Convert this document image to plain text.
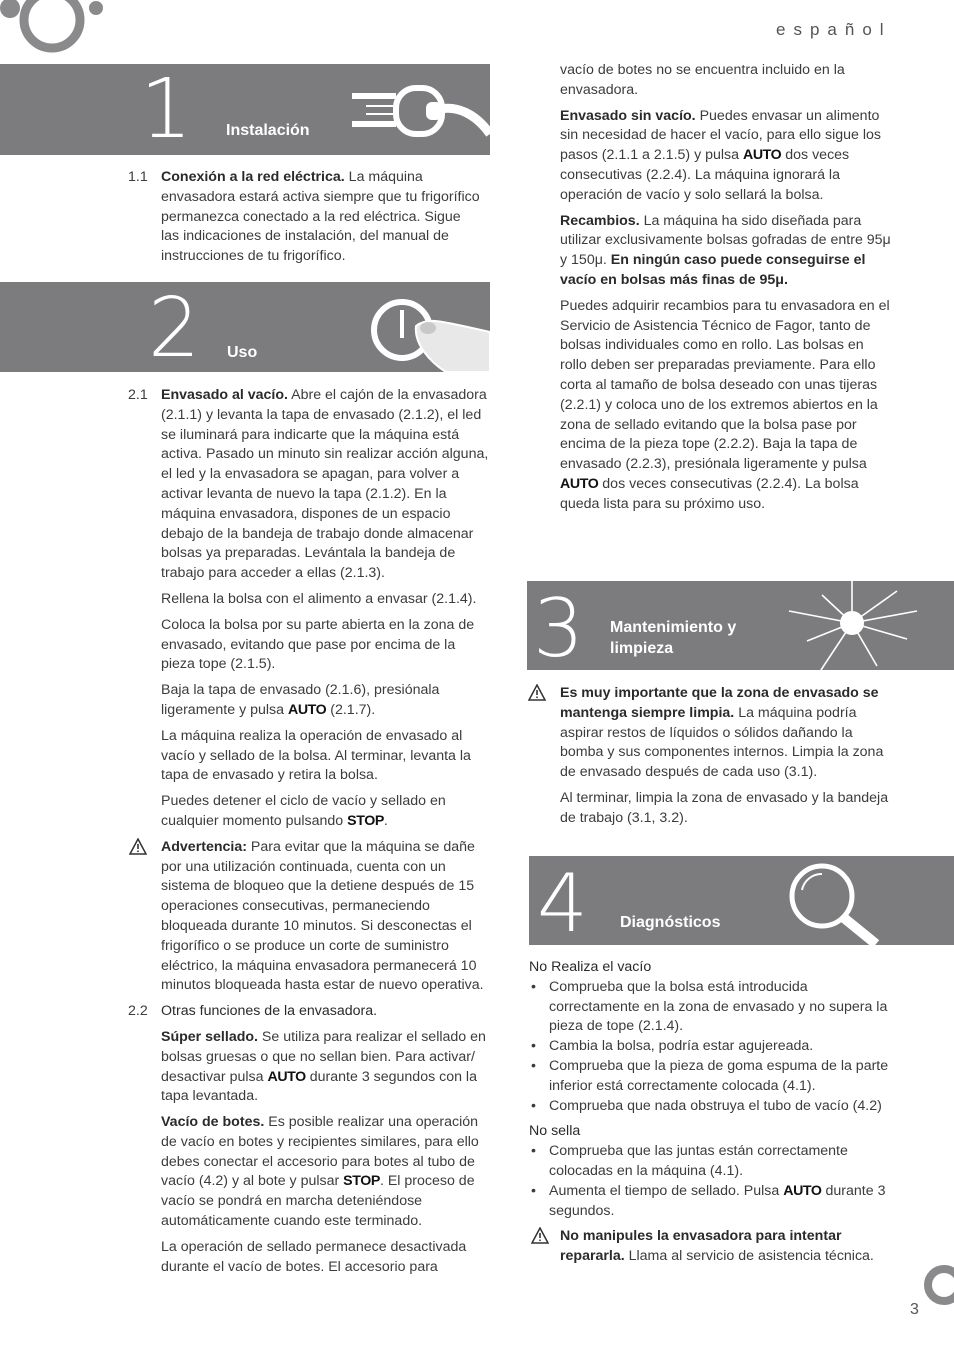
español
3
1 Instalación
1.1 Conexión a la red eléctrica. La máquina envasadora estará activa siempre que tu frigorífico permanezca conectado a la red eléctrica. Sigue las indicaciones de instalación, del manual de instrucciones de tu frigorífico.

2 Uso
2.1 Envasado al vacío. Abre el cajón de la envasadora (2.1.1) y levanta la tapa de envasado (2.1.2), el led se iluminará para indicarte que la máquina está activa. Pasado un minuto sin realizar acción alguna, el led y la envasadora se apagan, para volver a activar levanta de nuevo la tapa (2.1.2). En la máquina envasadora, dispones de un espacio debajo de la bandeja de trabajo donde almacenar bolsas ya preparadas. Levántala la bandeja de trabajo para acceder a ellas (2.1.3).

Rellena la bolsa con el alimento a envasar (2.1.4).

Coloca la bolsa por su parte abierta en la zona de envasado, evitando que pase por encima de la pieza tope (2.1.5).

Baja la tapa de envasado (2.1.6), presiónala ligeramente y pulsa AUTO (2.1.7).

La máquina realiza la operación de envasado al vacío y sellado de la bolsa. Al terminar, levanta la tapa de envasado y retira la bolsa.

Puedes detener el ciclo de vacío y sellado en cualquier momento pulsando STOP.

Advertencia: Para evitar que la máquina se dañe por una utilización continuada, cuenta con un sistema de bloqueo que la detiene después de 15 operaciones consecutivas, permaneciendo bloqueada durante 10 minutos. Si desconectas el frigorífico o se produce un corte de suministro eléctrico, la máquina envasadora permanecerá 10 minutos bloqueada hasta estar de nuevo operativa.

2.2 Otras funciones de la envasadora.

Súper sellado. Se utiliza para realizar el sellado en bolsas gruesas o que no sellan bien. Para activar/ desactivar pulsa AUTO durante 3 segundos con la tapa levantada.

Vacío de botes. Es posible realizar una operación de vacío en botes y recipientes similares, para ello debes conectar el accesorio para botes al tubo de vacío (4.2) y al bote y pulsar STOP. El proceso de vacío se pondrá en marcha deteniéndose automáticamente cuando este terminado.

La operación de sellado permanece desactivada durante el vacío de botes. El accesorio para

vacío de botes no se encuentra incluido en la envasadora.

Envasado sin vacío. Puedes envasar un alimento sin necesidad de hacer el vacío, para ello sigue los pasos (2.1.1 a 2.1.5) y pulsa AUTO dos veces consecutivas (2.2.4). La máquina ignorará la operación de vacío y solo sellará la bolsa.

Recambios. La máquina ha sido diseñada para utilizar exclusivamente bolsas gofradas de entre 95μ y 150μ. En ningún caso puede conseguirse el vacío en bolsas más finas de 95μ.

Puedes adquirir recambios para tu envasadora en el Servicio de Asistencia Técnico de Fagor, tanto de bolsas individuales como en rollo. Las bolsas en rollo deben ser preparadas previamente. Para ello corta al tamaño de bolsa deseado con unas tijeras (2.2.1) y coloca uno de los extremos abiertos en la zona de sellado evitando que la bolsa pase por encima de la pieza tope (2.2.2). Baja la tapa de envasado (2.2.3), presiónala ligeramente y pulsa AUTO dos veces consecutivas (2.2.4). La bolsa queda lista para su próximo uso.

3 Mantenimiento y limpieza

Es muy importante que la zona de envasado se mantenga siempre limpia. La máquina podría aspirar restos de líquidos o sólidos dañando la bomba y sus componentes internos. Limpia la zona de envasado después de cada uso (3.1).

Al terminar, limpia la zona de envasado y la bandeja de trabajo (3.1, 3.2).

4 Diagnósticos

No Realiza el vacío

• Comprueba que la bolsa está introducida correctamente en la zona de envasado y no supera la pieza de tope (2.1.4).
• Cambia la bolsa, podría estar agujereada.
• Comprueba que la pieza de goma espuma de la parte inferior está correctamente colocada (4.1).
• Comprueba que nada obstruya el tubo de vacío (4.2)

No sella

• Comprueba que las juntas están correctamente colocadas en la máquina (4.1).
• Aumenta el tiempo de sellado. Pulsa AUTO durante 3 segundos.

No manipules la envasadora para intentar repararla. Llama al servicio de asistencia técnica.
